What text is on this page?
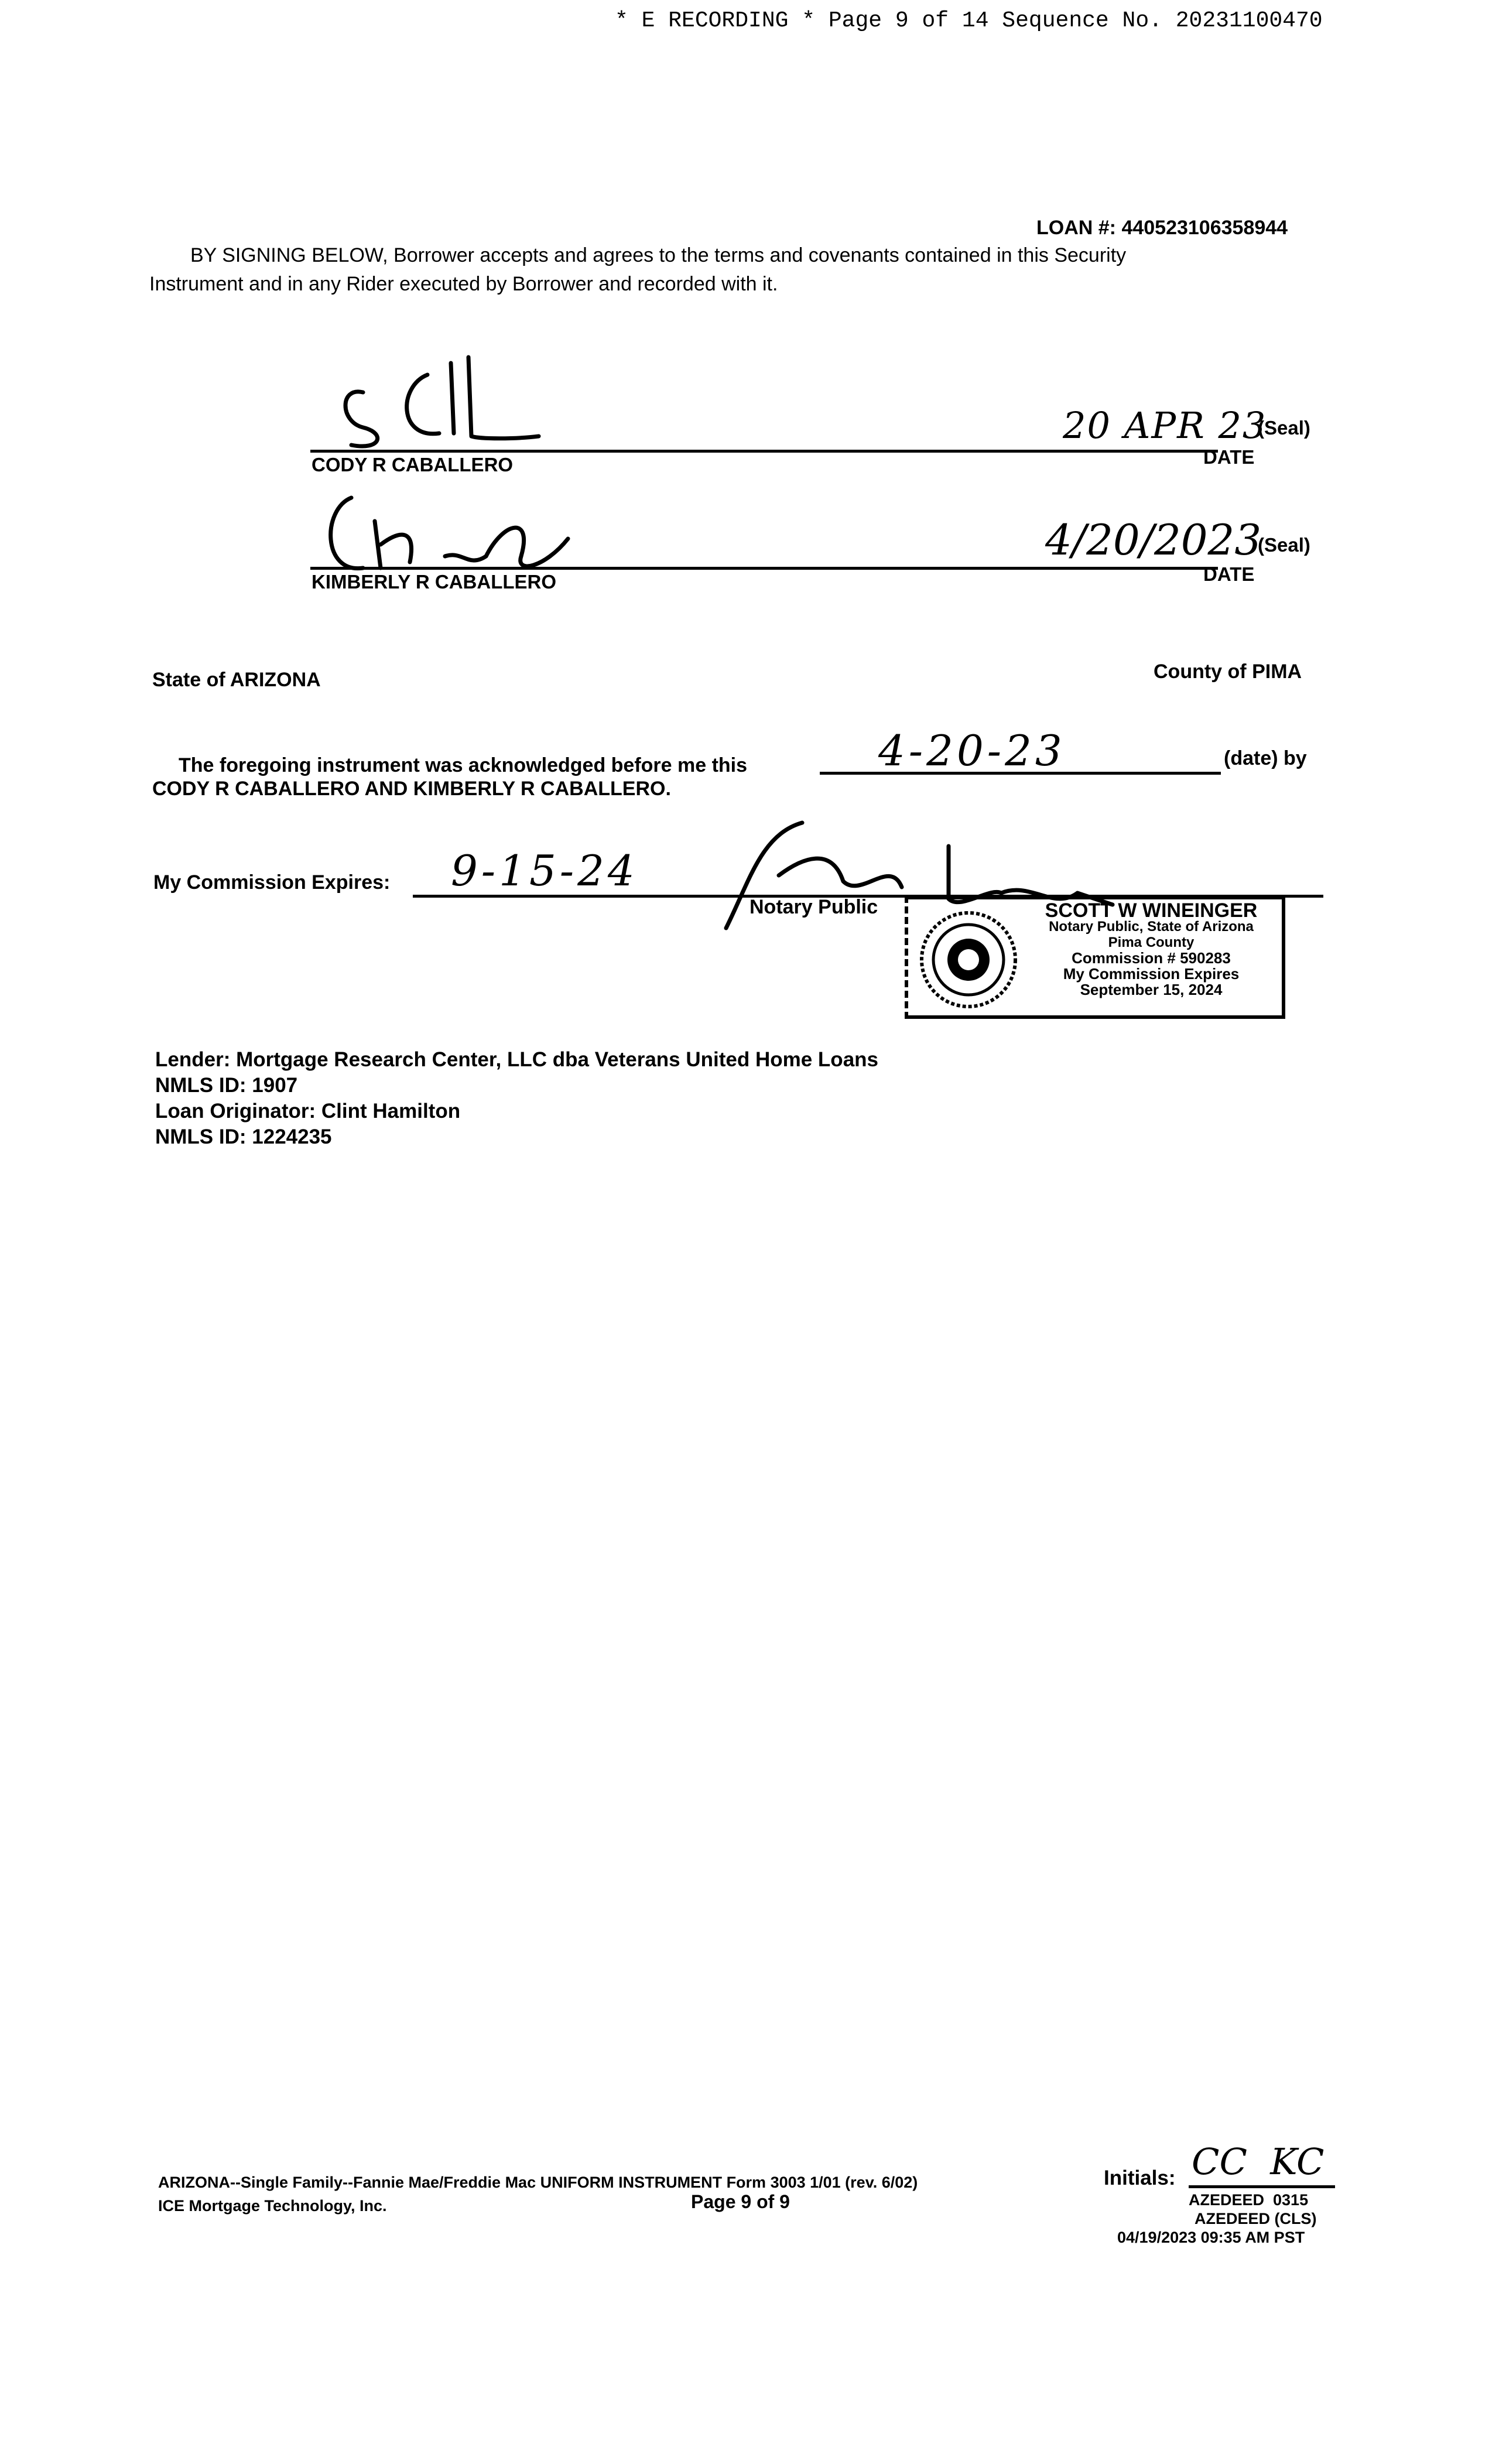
* E RECORDING * Page 9 of 14 Sequence No. 20231100470
LOAN #: 440523106358944
BY SIGNING BELOW, Borrower accepts and agrees to the terms and covenants contained in this Security
Instrument and in any Rider executed by Borrower and recorded with it.
CODY R CABALLERO
20 APR 23
(Seal)
DATE
KIMBERLY R CABALLERO
4/20/2023
(Seal)
DATE
State of ARIZONA	County of PIMA
The foregoing instrument was acknowledged before me this	4-20-23	(date) by
CODY R CABALLERO AND KIMBERLY R CABALLERO.
My Commission Expires: 9-15-24
Notary Public	SCOTT W WINEINGER
Notary Public, State of Arizona
Pima County
Commission # 590283
My Commission Expires
September 15, 2024
Lender: Mortgage Research Center, LLC dba Veterans United Home Loans
NMLS ID: 1907
Loan Originator: Clint Hamilton
NMLS ID: 1224235
ARIZONA--Single Family--Fannie Mae/Freddie Mac UNIFORM INSTRUMENT Form 3003 1/01 (rev. 6/02)
ICE Mortgage Technology, Inc.	Page 9 of 9
Initials: CC  KC
AZEDEED  0315
AZEDEED (CLS)
04/19/2023 09:35 AM PST
